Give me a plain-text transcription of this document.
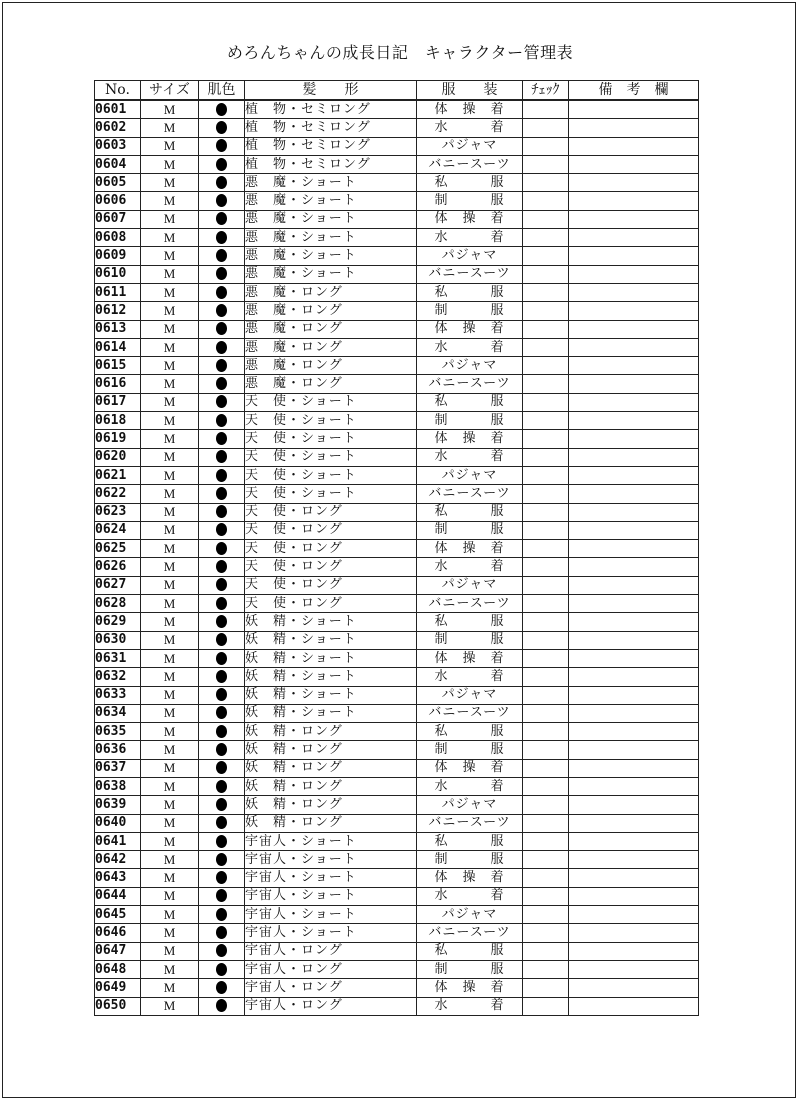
めろんちゃんの成長日記　キャラクター管理表
No.	サイズ	肌色	髪　　形	服　　装	ﾁｪｯｸ	備　考　欄
0601	M		植　物・セミロング	体　操　着		
0602	M		植　物・セミロング	水　　　着		
0603	M		植　物・セミロング	パジャマ		
0604	M		植　物・セミロング	バニースーツ		
0605	M		悪　魔・ショート	私　　　服		
0606	M		悪　魔・ショート	制　　　服		
0607	M		悪　魔・ショート	体　操　着		
0608	M		悪　魔・ショート	水　　　着		
0609	M		悪　魔・ショート	パジャマ		
0610	M		悪　魔・ショート	バニースーツ		
0611	M		悪　魔・ロング	私　　　服		
0612	M		悪　魔・ロング	制　　　服		
0613	M		悪　魔・ロング	体　操　着		
0614	M		悪　魔・ロング	水　　　着		
0615	M		悪　魔・ロング	パジャマ		
0616	M		悪　魔・ロング	バニースーツ		
0617	M		天　使・ショート	私　　　服		
0618	M		天　使・ショート	制　　　服		
0619	M		天　使・ショート	体　操　着		
0620	M		天　使・ショート	水　　　着		
0621	M		天　使・ショート	パジャマ		
0622	M		天　使・ショート	バニースーツ		
0623	M		天　使・ロング	私　　　服		
0624	M		天　使・ロング	制　　　服		
0625	M		天　使・ロング	体　操　着		
0626	M		天　使・ロング	水　　　着		
0627	M		天　使・ロング	パジャマ		
0628	M		天　使・ロング	バニースーツ		
0629	M		妖　精・ショート	私　　　服		
0630	M		妖　精・ショート	制　　　服		
0631	M		妖　精・ショート	体　操　着		
0632	M		妖　精・ショート	水　　　着		
0633	M		妖　精・ショート	パジャマ		
0634	M		妖　精・ショート	バニースーツ		
0635	M		妖　精・ロング	私　　　服		
0636	M		妖　精・ロング	制　　　服		
0637	M		妖　精・ロング	体　操　着		
0638	M		妖　精・ロング	水　　　着		
0639	M		妖　精・ロング	パジャマ		
0640	M		妖　精・ロング	バニースーツ		
0641	M		宇宙人・ショート	私　　　服		
0642	M		宇宙人・ショート	制　　　服		
0643	M		宇宙人・ショート	体　操　着		
0644	M		宇宙人・ショート	水　　　着		
0645	M		宇宙人・ショート	パジャマ		
0646	M		宇宙人・ショート	バニースーツ		
0647	M		宇宙人・ロング	私　　　服		
0648	M		宇宙人・ロング	制　　　服		
0649	M		宇宙人・ロング	体　操　着		
0650	M		宇宙人・ロング	水　　　着		
